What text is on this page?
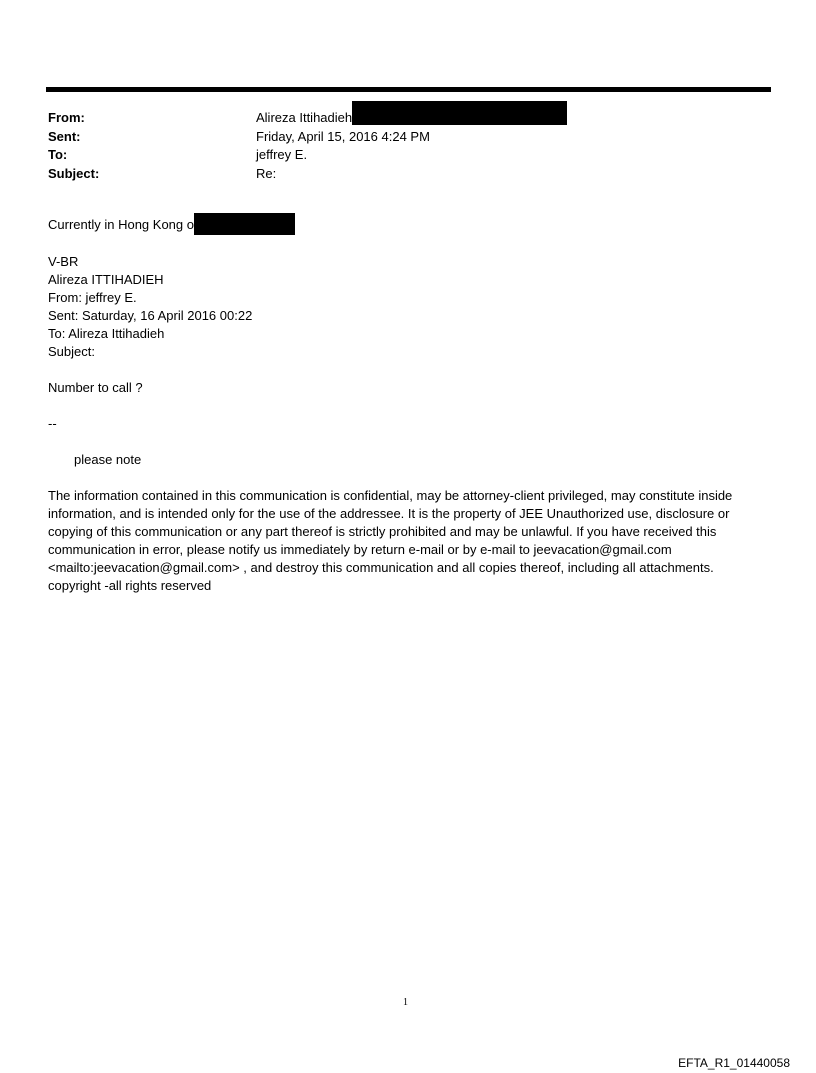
From:	Alireza Ittihadieh
Sent:	Friday, April 15, 2016 4:24 PM
To:	jeffrey E.
Subject:	Re:

Currently in Hong Kong o

V-BR

Alireza ITTIHADIEH

From: jeffrey E.

Sent: Saturday, 16 April 2016 00:22

To: Alireza Ittihadieh

Subject:

Number to call ?

--

please note

The information contained in this communication is confidential, may be attorney-client privileged, may constitute inside information, and is intended only for the use of the addressee. It is the property of JEE Unauthorized use, disclosure or copying of this communication or any part thereof is strictly prohibited and may be unlawful. If you have received this communication in error, please notify us immediately by return e-mail or by e-mail to jeevacation@gmail.com <mailto:jeevacation@gmail.com> , and destroy this communication and all copies thereof, including all attachments. copyright -all rights reserved

1
EFTA_R1_01440058
